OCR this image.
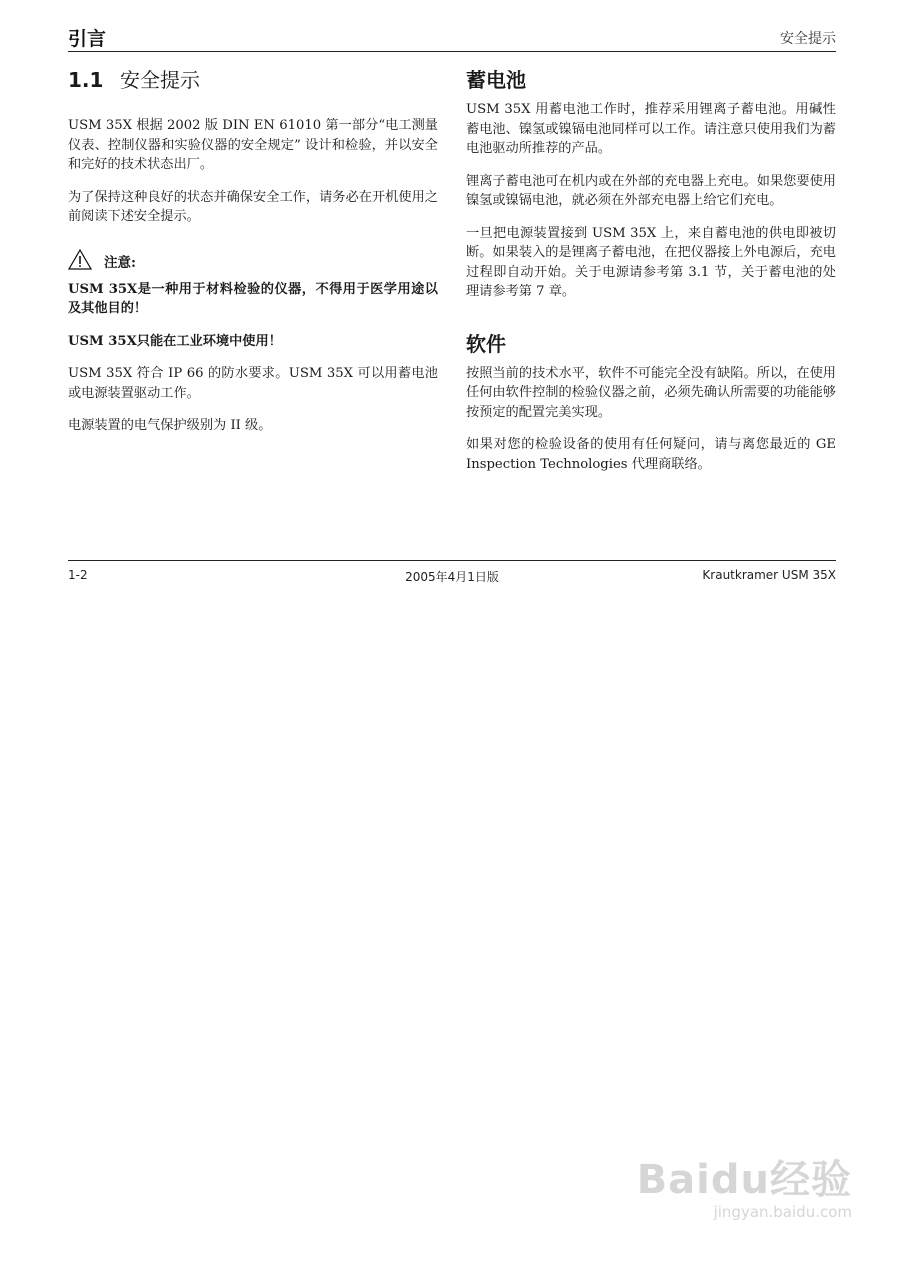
引言	安全提示
1.1 安全提示

USM 35X 根据 2002 版 DIN EN 61010 第一部分“电工测量仪表、控制仪器和实验仪器的安全规定” 设计和检验，并以安全和完好的技术状态出厂。

为了保持这种良好的状态并确保安全工作，请务必在开机使用之前阅读下述安全提示。

注意:

USM 35X是一种用于材料检验的仪器，不得用于医学用途以及其他目的！

USM 35X只能在工业环境中使用！

USM 35X 符合 IP 66 的防水要求。USM 35X 可以用蓄电池或电源装置驱动工作。

电源装置的电气保护级别为 II 级。

蓄电池

USM 35X 用蓄电池工作时，推荐采用锂离子蓄电池。用碱性蓄电池、镍氢或镍镉电池同样可以工作。请注意只使用我们为蓄电池驱动所推荐的产品。

锂离子蓄电池可在机内或在外部的充电器上充电。如果您要使用镍氢或镍镉电池，就必须在外部充电器上给它们充电。

一旦把电源装置接到 USM 35X 上，来自蓄电池的供电即被切断。如果装入的是锂离子蓄电池，在把仪器接上外电源后，充电过程即自动开始。关于电源请参考第 3.1 节，关于蓄电池的处理请参考第 7 章。

软件

按照当前的技术水平，软件不可能完全没有缺陷。所以，在使用任何由软件控制的检验仪器之前，必须先确认所需要的功能能够按预定的配置完美实现。

如果对您的检验设备的使用有任何疑问，请与离您最近的 GE Inspection Technologies 代理商联络。

1-2	2005年4月1日版	Krautkramer USM 35X
Baidu经验
jingyan.baidu.com
